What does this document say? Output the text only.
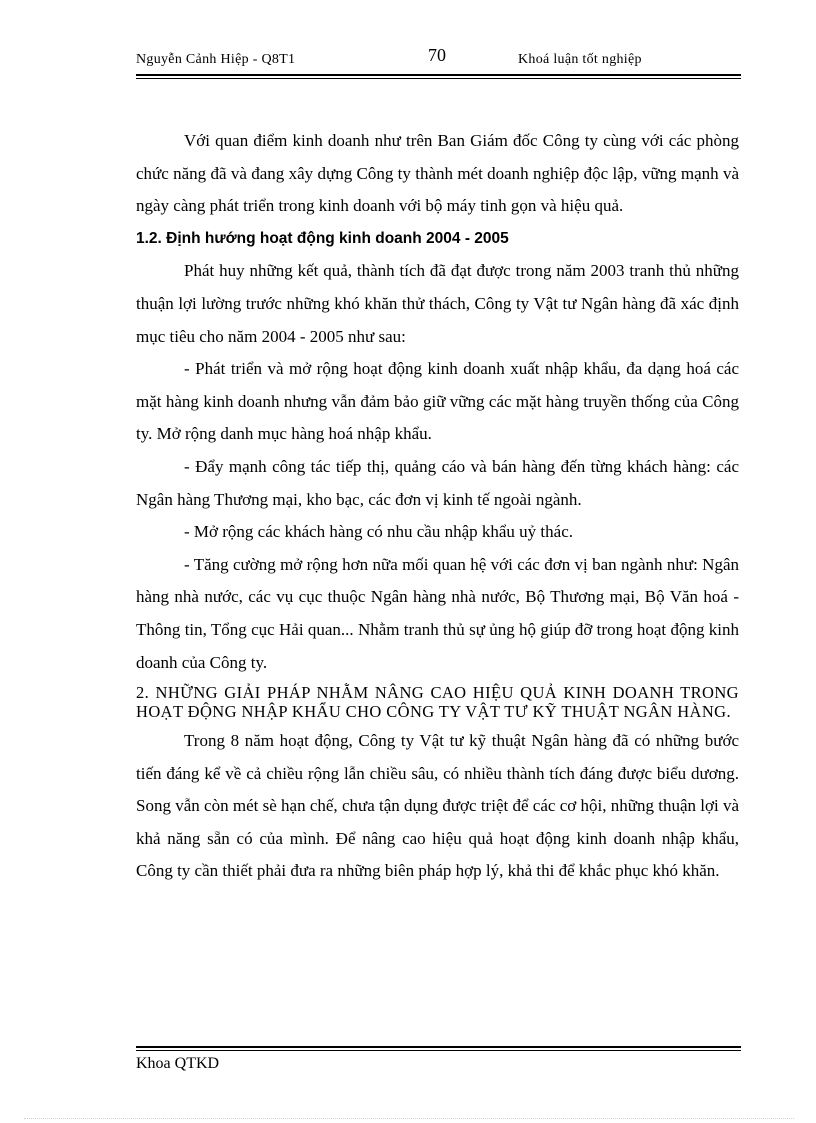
Nguyễn Cảnh Hiệp - Q8T1	70	Khoá luận tốt nghiệp

Với quan điểm kinh doanh như trên Ban Giám đốc Công ty cùng với các phòng chức năng đã và đang xây dựng Công ty thành mét doanh nghiệp độc lập, vững mạnh và ngày càng phát triển trong kinh doanh với bộ máy tinh gọn và hiệu quả.

1.2. Định hướng hoạt động kinh doanh 2004 - 2005

Phát huy những kết quả, thành tích đã đạt được trong năm 2003 tranh thủ những thuận lợi lường trước những khó khăn thử thách, Công ty Vật tư Ngân hàng đã xác định mục tiêu cho năm 2004 - 2005 như sau:

- Phát triển và mở rộng hoạt động kinh doanh xuất nhập khẩu, đa dạng hoá các mặt hàng kinh doanh nhưng vẫn đảm bảo giữ vững các mặt hàng truyền thống của Công ty. Mở rộng danh mục hàng hoá nhập khẩu.

- Đẩy mạnh công tác tiếp thị, quảng cáo và bán hàng đến từng khách hàng: các Ngân hàng Thương mại, kho bạc, các đơn vị kinh tế ngoài ngành.

- Mở rộng các khách hàng có nhu cầu nhập khẩu uỷ thác.

- Tăng cường mở rộng hơn nữa mối quan hệ với các đơn vị ban ngành như: Ngân hàng nhà nước, các vụ cục thuộc Ngân hàng nhà nước, Bộ Thương mại, Bộ Văn hoá - Thông tin, Tổng cục Hải quan... Nhằm tranh thủ sự ủng hộ giúp đỡ trong hoạt động kinh doanh của Công ty.

2. NHỮNG GIẢI PHÁP NHẰM NÂNG CAO HIỆU QUẢ KINH DOANH TRONG HOẠT ĐỘNG NHẬP KHẨU CHO CÔNG TY VẬT TƯ KỸ THUẬT NGÂN HÀNG.

Trong 8 năm hoạt động, Công ty Vật tư kỹ thuật Ngân hàng đã có những bước tiến đáng kể về cả chiều rộng lẫn chiều sâu, có nhiều thành tích đáng được biểu dương. Song vẫn còn mét sè hạn chế, chưa tận dụng được triệt để các cơ hội, những thuận lợi và khả năng sẵn có của mình. Để nâng cao hiệu quả hoạt động kinh doanh nhập khẩu, Công ty cần thiết phải đưa ra những biên pháp hợp lý, khả thi để khắc phục khó khăn.

Khoa QTKD
